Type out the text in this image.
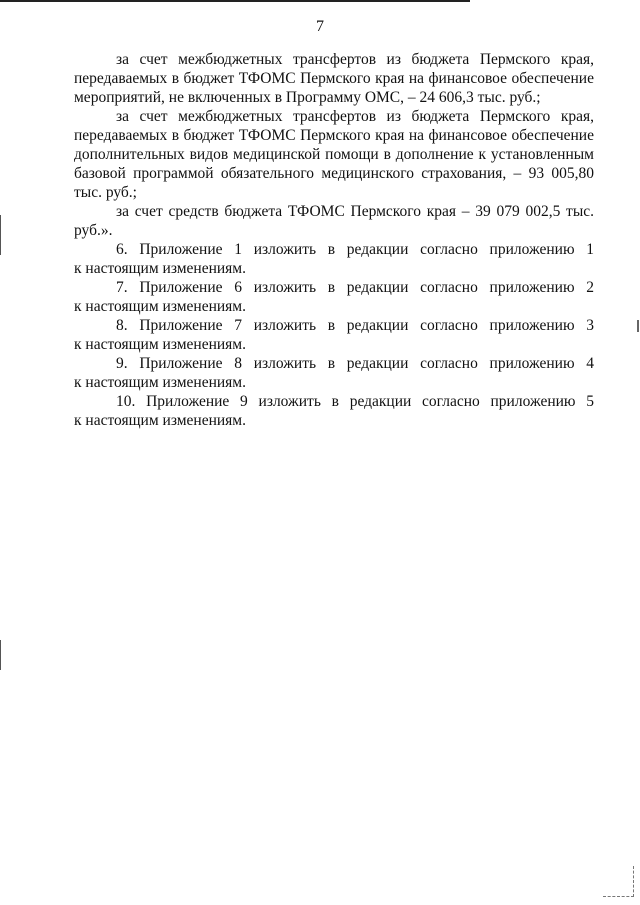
7

за счет межбюджетных трансфертов из бюджета Пермского края, передаваемых в бюджет ТФОМС Пермского края на финансовое обеспечение мероприятий, не включенных в Программу ОМС, – 24 606,3 тыс. руб.;

за счет межбюджетных трансфертов из бюджета Пермского края, передаваемых в бюджет ТФОМС Пермского края на финансовое обеспечение дополнительных видов медицинской помощи в дополнение к установленным базовой программой обязательного медицинского страхования, – 93 005,80 тыс. руб.;

за счет средств бюджета ТФОМС Пермского края – 39 079 002,5 тыс. руб.».

6. Приложение 1 изложить в редакции согласно приложению 1

к настоящим изменениям.

7. Приложение 6 изложить в редакции согласно приложению 2

к настоящим изменениям.

8. Приложение 7 изложить в редакции согласно приложению 3

к настоящим изменениям.

9. Приложение 8 изложить в редакции согласно приложению 4

к настоящим изменениям.

10. Приложение 9 изложить в редакции согласно приложению 5

к настоящим изменениям.
